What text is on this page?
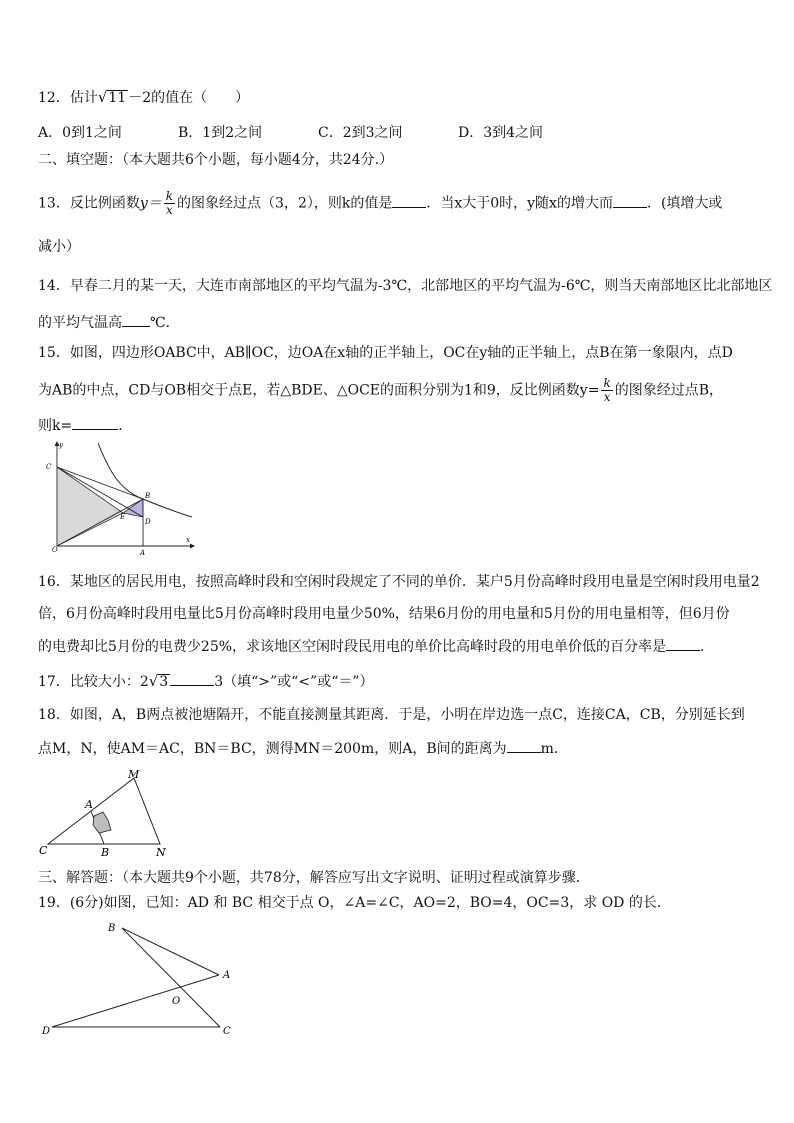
12．估计√11 －2的值在（　　）
A．0到1之间	B．1到2之间	C．2到3之间	D．3到4之间
二、填空题：（本大题共6个小题，每小题4分，共24分.）
13．反比例函数$y= \frac{k}{x}$ 的图象经过点（3，2），则k的值是 ．当x大于0时，y随x的增大而 ．(填增大或
减小）
14．早春二月的某一天，大连市南部地区的平均气温为-3℃，北部地区的平均气温为-6℃，则当天南部地区比北部地区
的平均气温高 ℃．
15．如图，四边形OABC中，AB∥OC，边OA在x轴的正半轴上，OC在y轴的正半轴上，点B在第一象限内，点D
为AB的中点，CD与OB相交于点E，若△BDE、△OCE的面积分别为1和9，反比例函数$y= \frac{k}{x}$ 的图象经过点B，
则k=	．
y
x
C
B
E
D
O	A
16．某地区的居民用电，按照高峰时段和空闲时段规定了不同的单价．某户5月份高峰时段用电量是空闲时段用电量2
倍，6月份高峰时段用电量比5月份高峰时段用电量少50%，结果6月份的用电量和5月份的用电量相等，但6月份
的电费却比5月份的电费少25%，求该地区空闲时段民用电的单价比高峰时段的用电单价低的百分率是 ．
17．比较大小：2√3	3（填“>”或“<”或“＝”）
18．如图，A，B两点被池塘隔开，不能直接测量其距离．于是，小明在岸边选一点C，连接CA，CB，分别延长到
点M，N，使AM＝AC，BN＝BC，测得MN＝200m，则A，B间的距离为 m．
M
A
C	B	N
三、解答题：（本大题共9个小题，共78分，解答应写出文字说明、证明过程或演算步骤．
19．(6分)如图，已知：AD 和 BC 相交于点 O，∠A=∠C，AO=2，BO=4，OC=3，求 OD 的长．
B
A
O
D	C
